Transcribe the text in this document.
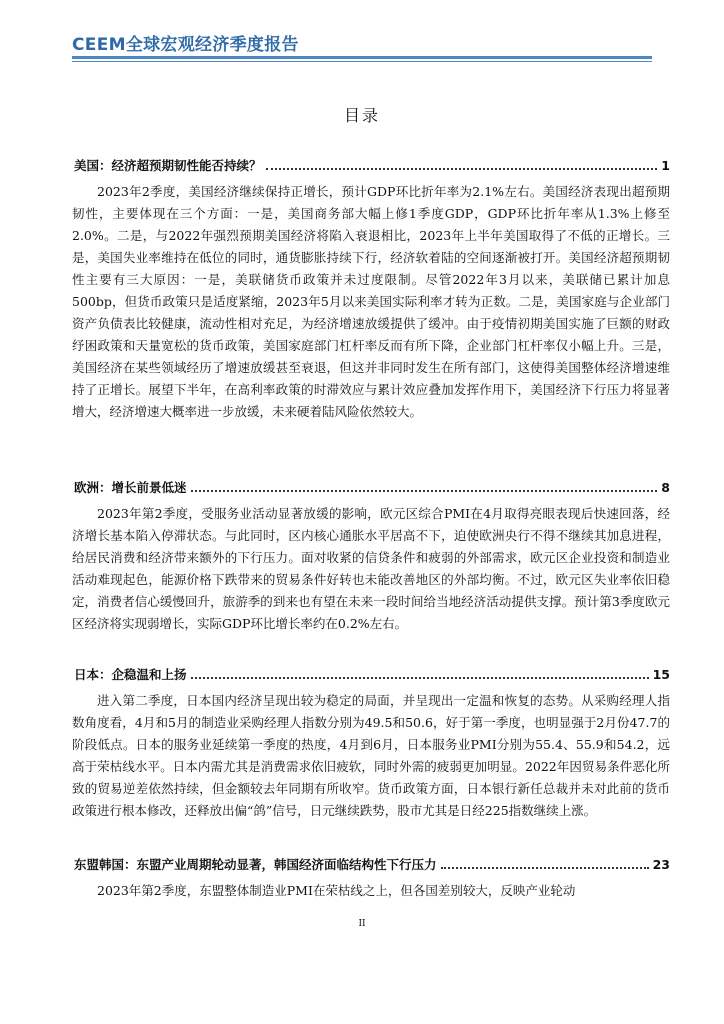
CEEM全球宏观经济季度报告
目录
美国：经济超预期韧性能否持续？	1
2023年2季度，美国经济继续保持正增长，预计GDP环比折年率为2.1%左右。美国经济表现出超预期韧性，主要体现在三个方面：一是，美国商务部大幅上修1季度GDP，GDP环比折年率从1.3%上修至2.0%。二是，与2022年强烈预期美国经济将陷入衰退相比，2023年上半年美国取得了不低的正增长。三是，美国失业率维持在低位的同时，通货膨胀持续下行，经济软着陆的空间逐渐被打开。美国经济超预期韧性主要有三大原因：一是，美联储货币政策并未过度限制。尽管2022年3月以来，美联储已累计加息500bp，但货币政策只是适度紧缩，2023年5月以来美国实际利率才转为正数。二是，美国家庭与企业部门资产负债表比较健康，流动性相对充足，为经济增速放缓提供了缓冲。由于疫情初期美国实施了巨额的财政纾困政策和天量宽松的货币政策，美国家庭部门杠杆率反而有所下降，企业部门杠杆率仅小幅上升。三是，美国经济在某些领域经历了增速放缓甚至衰退，但这并非同时发生在所有部门，这使得美国整体经济增速维持了正增长。展望下半年，在高利率政策的时滞效应与累计效应叠加发挥作用下，美国经济下行压力将显著增大，经济增速大概率进一步放缓，未来硬着陆风险依然较大。
欧洲：增长前景低迷	8
2023年第2季度，受服务业活动显著放缓的影响，欧元区综合PMI在4月取得亮眼表现后快速回落，经济增长基本陷入停滞状态。与此同时，区内核心通胀水平居高不下，迫使欧洲央行不得不继续其加息进程，给居民消费和经济带来额外的下行压力。面对收紧的信贷条件和疲弱的外部需求，欧元区企业投资和制造业活动难现起色，能源价格下跌带来的贸易条件好转也未能改善地区的外部均衡。不过，欧元区失业率依旧稳定，消费者信心缓慢回升，旅游季的到来也有望在未来一段时间给当地经济活动提供支撑。预计第3季度欧元区经济将实现弱增长，实际GDP环比增长率约在0.2%左右。
日本：企稳温和上扬	15
进入第二季度，日本国内经济呈现出较为稳定的局面，并呈现出一定温和恢复的态势。从采购经理人指数角度看，4月和5月的制造业采购经理人指数分别为49.5和50.6，好于第一季度，也明显强于2月份47.7的阶段低点。日本的服务业延续第一季度的热度，4月到6月，日本服务业PMI分别为55.4、55.9和54.2，远高于荣枯线水平。日本内需尤其是消费需求依旧疲软，同时外需的疲弱更加明显。2022年因贸易条件恶化所致的贸易逆差依然持续，但金额较去年同期有所收窄。货币政策方面，日本银行新任总裁并未对此前的货币政策进行根本修改，还释放出偏“鸽”信号，日元继续跌势，股市尤其是日经225指数继续上涨。
东盟韩国：东盟产业周期轮动显著，韩国经济面临结构性下行压力	23
2023年第2季度，东盟整体制造业PMI在荣枯线之上，但各国差别较大，反映产业轮动
II
